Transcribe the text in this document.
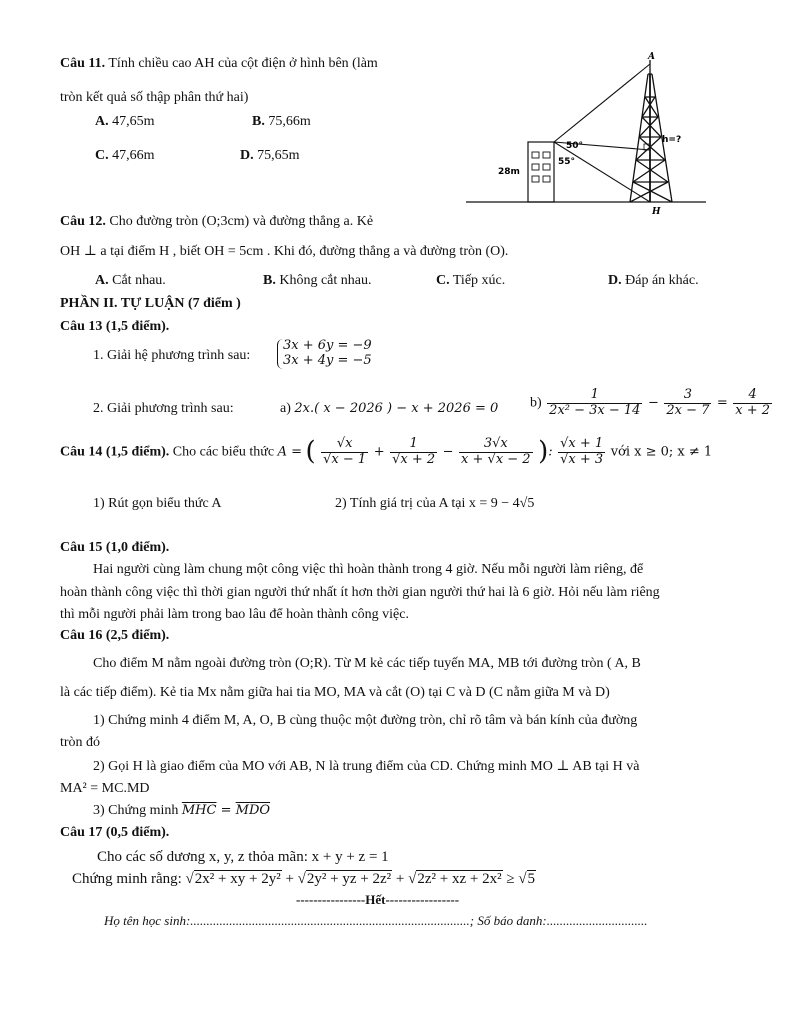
Câu 11. Tính chiều cao AH của cột điện ở hình bên (làm
tròn kết quả số thập phân thứ hai)
A. 47,65m	B. 75,66m
C. 47,66m	D. 75,65m
A
H
50°
55°
28m
h=?
Câu 12. Cho đường tròn (O;3cm) và đường thẳng a. Kẻ
OH ⊥ a tại điểm H , biết OH = 5cm . Khi đó, đường thẳng a và đường tròn (O).
A. Cắt nhau.	B. Không cắt nhau.	C. Tiếp xúc.	D. Đáp án khác.
PHẦN II. TỰ LUẬN (7 điểm )
Câu 13 (1,5 điểm).
1. Giải hệ phương trình sau:
3x + 6y = −9
3x + 4y = −5
2. Giải phương trình sau:	a) 2x.( x − 2026 ) − x + 2026 = 0 $b) \frac{1}{\text{2x² − 3x − 14}} - \frac{3}{2x - 7} = \frac{4}{x + 2}$
Câu 14 (1,5 điểm). Cho các biểu thức A = ( $\frac{√x}{√x - 1} + \frac{1}{√x + 2} - \frac{3√x}{x + √x - 2}$ ): $\frac{√x + 1}{√x + 3}$ với x ≥ 0; x ≠ 1
1) Rút gọn biểu thức A	2) Tính giá trị của A tại x = 9 − 4√5
Câu 15 (1,0 điểm).
Hai người cùng làm chung một công việc thì hoàn thành trong 4 giờ. Nếu mỗi người làm riêng, để
hoàn thành công việc thì thời gian người thứ nhất ít hơn thời gian người thứ hai là 6 giờ. Hỏi nếu làm riêng
thì mỗi người phải làm trong bao lâu để hoàn thành công việc.
Câu 16 (2,5 điểm).
Cho điểm M nằm ngoài đường tròn (O;R). Từ M kẻ các tiếp tuyến MA, MB tới đường tròn ( A, B
là các tiếp điểm). Kẻ tia Mx nằm giữa hai tia MO, MA và cắt (O) tại C và D (C nằm giữa M và D)
1) Chứng minh 4 điểm M, A, O, B cùng thuộc một đường tròn, chỉ rõ tâm và bán kính của đường
tròn đó
2) Gọi H là giao điểm của MO với AB, N là trung điểm của CD. Chứng minh MO ⊥ AB tại H và
MA² = MC.MD
3) Chứng minh $\overline{MHC} = \overline{MDO}$
Câu 17 (0,5 điểm).
Cho các số dương x, y, z thỏa mãn: x + y + z = 1
Chứng minh rằng: √ 2x² + xy + 2y² + √ 2y² + yz + 2z² + √ 2z² + xz + 2x² ≥ √ 5
----------------Hết-----------------
Họ tên học sinh:......................................................................................; Số báo danh:...............................
